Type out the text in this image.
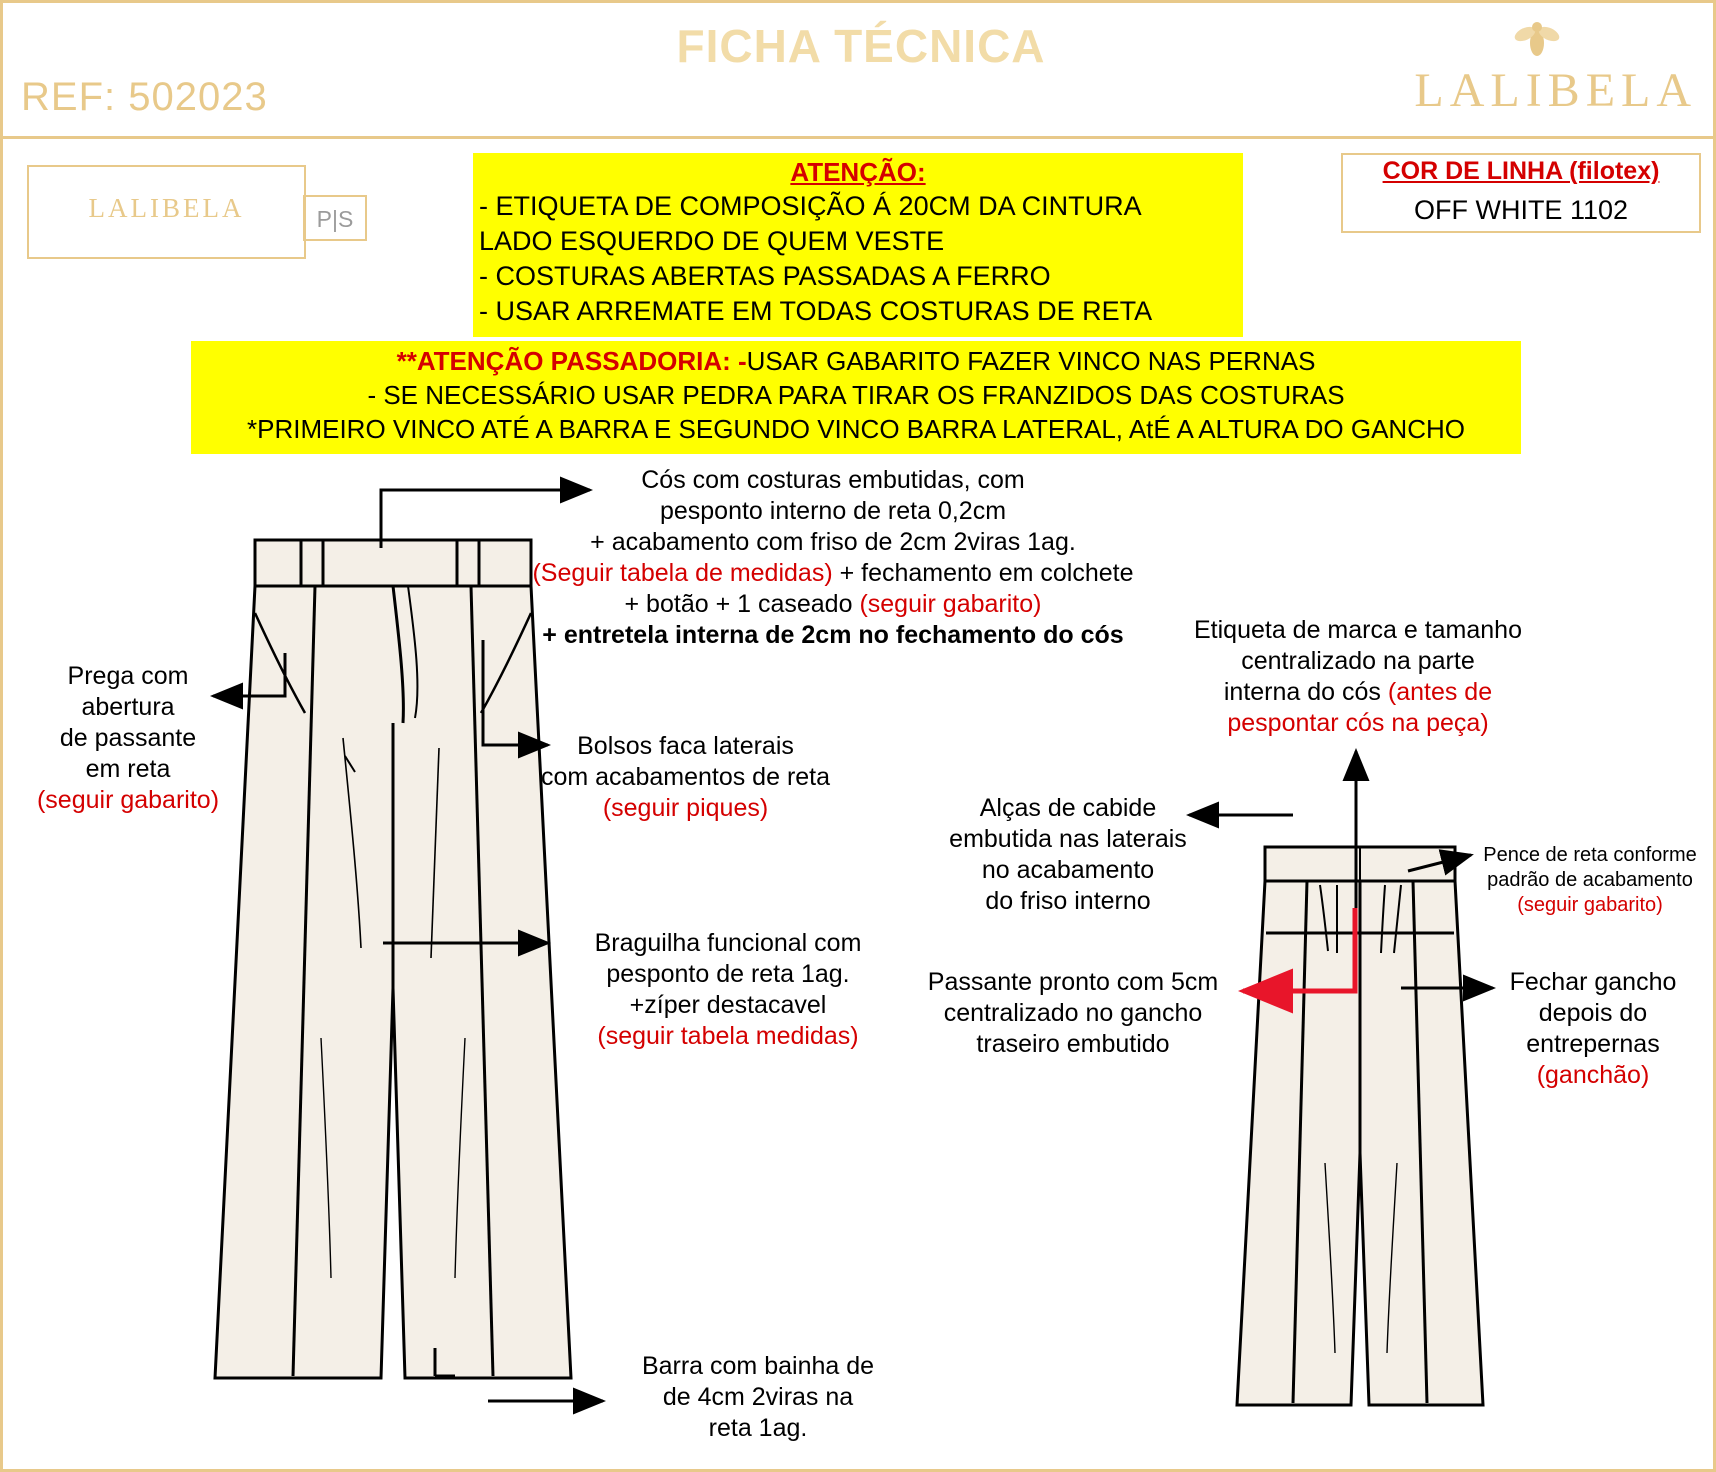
FICHA TÉCNICA
REF: 502023	LALIBELA
LALIBELA	P|S
ATENÇÃO:
- ETIQUETA DE COMPOSIÇÃO Á 20CM DA CINTURA
LADO ESQUERDO DE QUEM VESTE
- COSTURAS ABERTAS PASSADAS A FERRO
- USAR ARREMATE EM TODAS COSTURAS DE RETA
COR DE LINHA (filotex)
OFF WHITE 1102
**ATENÇÃO PASSADORIA: -USAR GABARITO FAZER VINCO NAS PERNAS
- SE NECESSÁRIO USAR PEDRA PARA TIRAR OS FRANZIDOS DAS COSTURAS
*PRIMEIRO VINCO ATÉ A BARRA E SEGUNDO VINCO BARRA LATERAL, AtÉ A ALTURA DO GANCHO
Cós com costuras embutidas, com
pesponto interno de reta 0,2cm
+ acabamento com friso de 2cm 2viras 1ag.
(Seguir tabela de medidas) + fechamento em colchete
+ botão + 1 caseado (seguir gabarito)
+ entretela interna de 2cm no fechamento do cós
Prega com
abertura
de passante
em reta
(seguir gabarito)
Bolsos faca laterais
com acabamentos de reta
(seguir piques)
Braguilha funcional com
pesponto de reta 1ag.
+zíper destacavel
(seguir tabela medidas)
Barra com bainha de
de 4cm 2viras na
reta 1ag.
Etiqueta de marca e tamanho
centralizado na parte
interna do cós (antes de
pespontar cós na peça)
Alças de cabide
embutida nas laterais
no acabamento
do friso interno
Pence de reta conforme
padrão de acabamento
(seguir gabarito)
Passante pronto com 5cm
centralizado no gancho
traseiro embutido
Fechar gancho
depois do
entrepernas
(ganchão)
